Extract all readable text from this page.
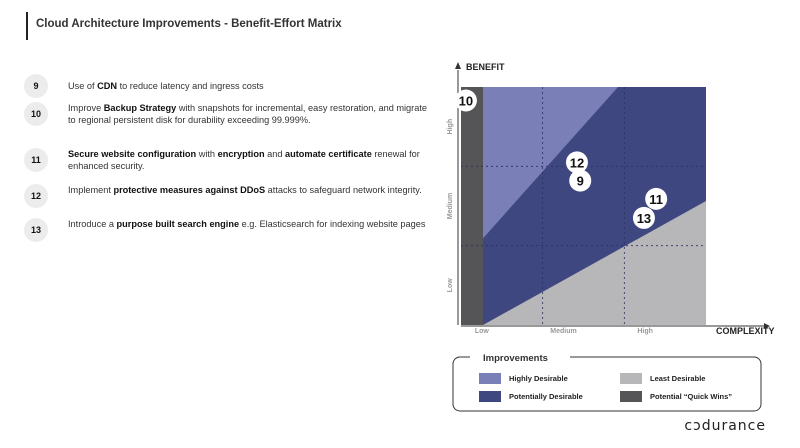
Cloud Architecture Improvements - Benefit-Effort Matrix
9	Use of CDN to reduce latency and ingress costs
10
Improve Backup Strategy with snapshots for incremental, easy restoration, and migrate to regional persistent disk for durability exceeding 99.999%.
11
Secure website configuration with encryption and automate certificate renewal for enhanced security.
12
Implement protective measures against DDoS attacks to safeguard network integrity.
13
Introduce a purpose built search engine e.g. Elasticsearch for indexing website pages
BENEFIT
COMPLEXITY
Low	Medium	High
Low
Medium
High
10
12
9
11
13
Improvements
Highly Desirable	Least Desirable
Potentially Desirable	Potential “Quick Wins”
cɔdurance
